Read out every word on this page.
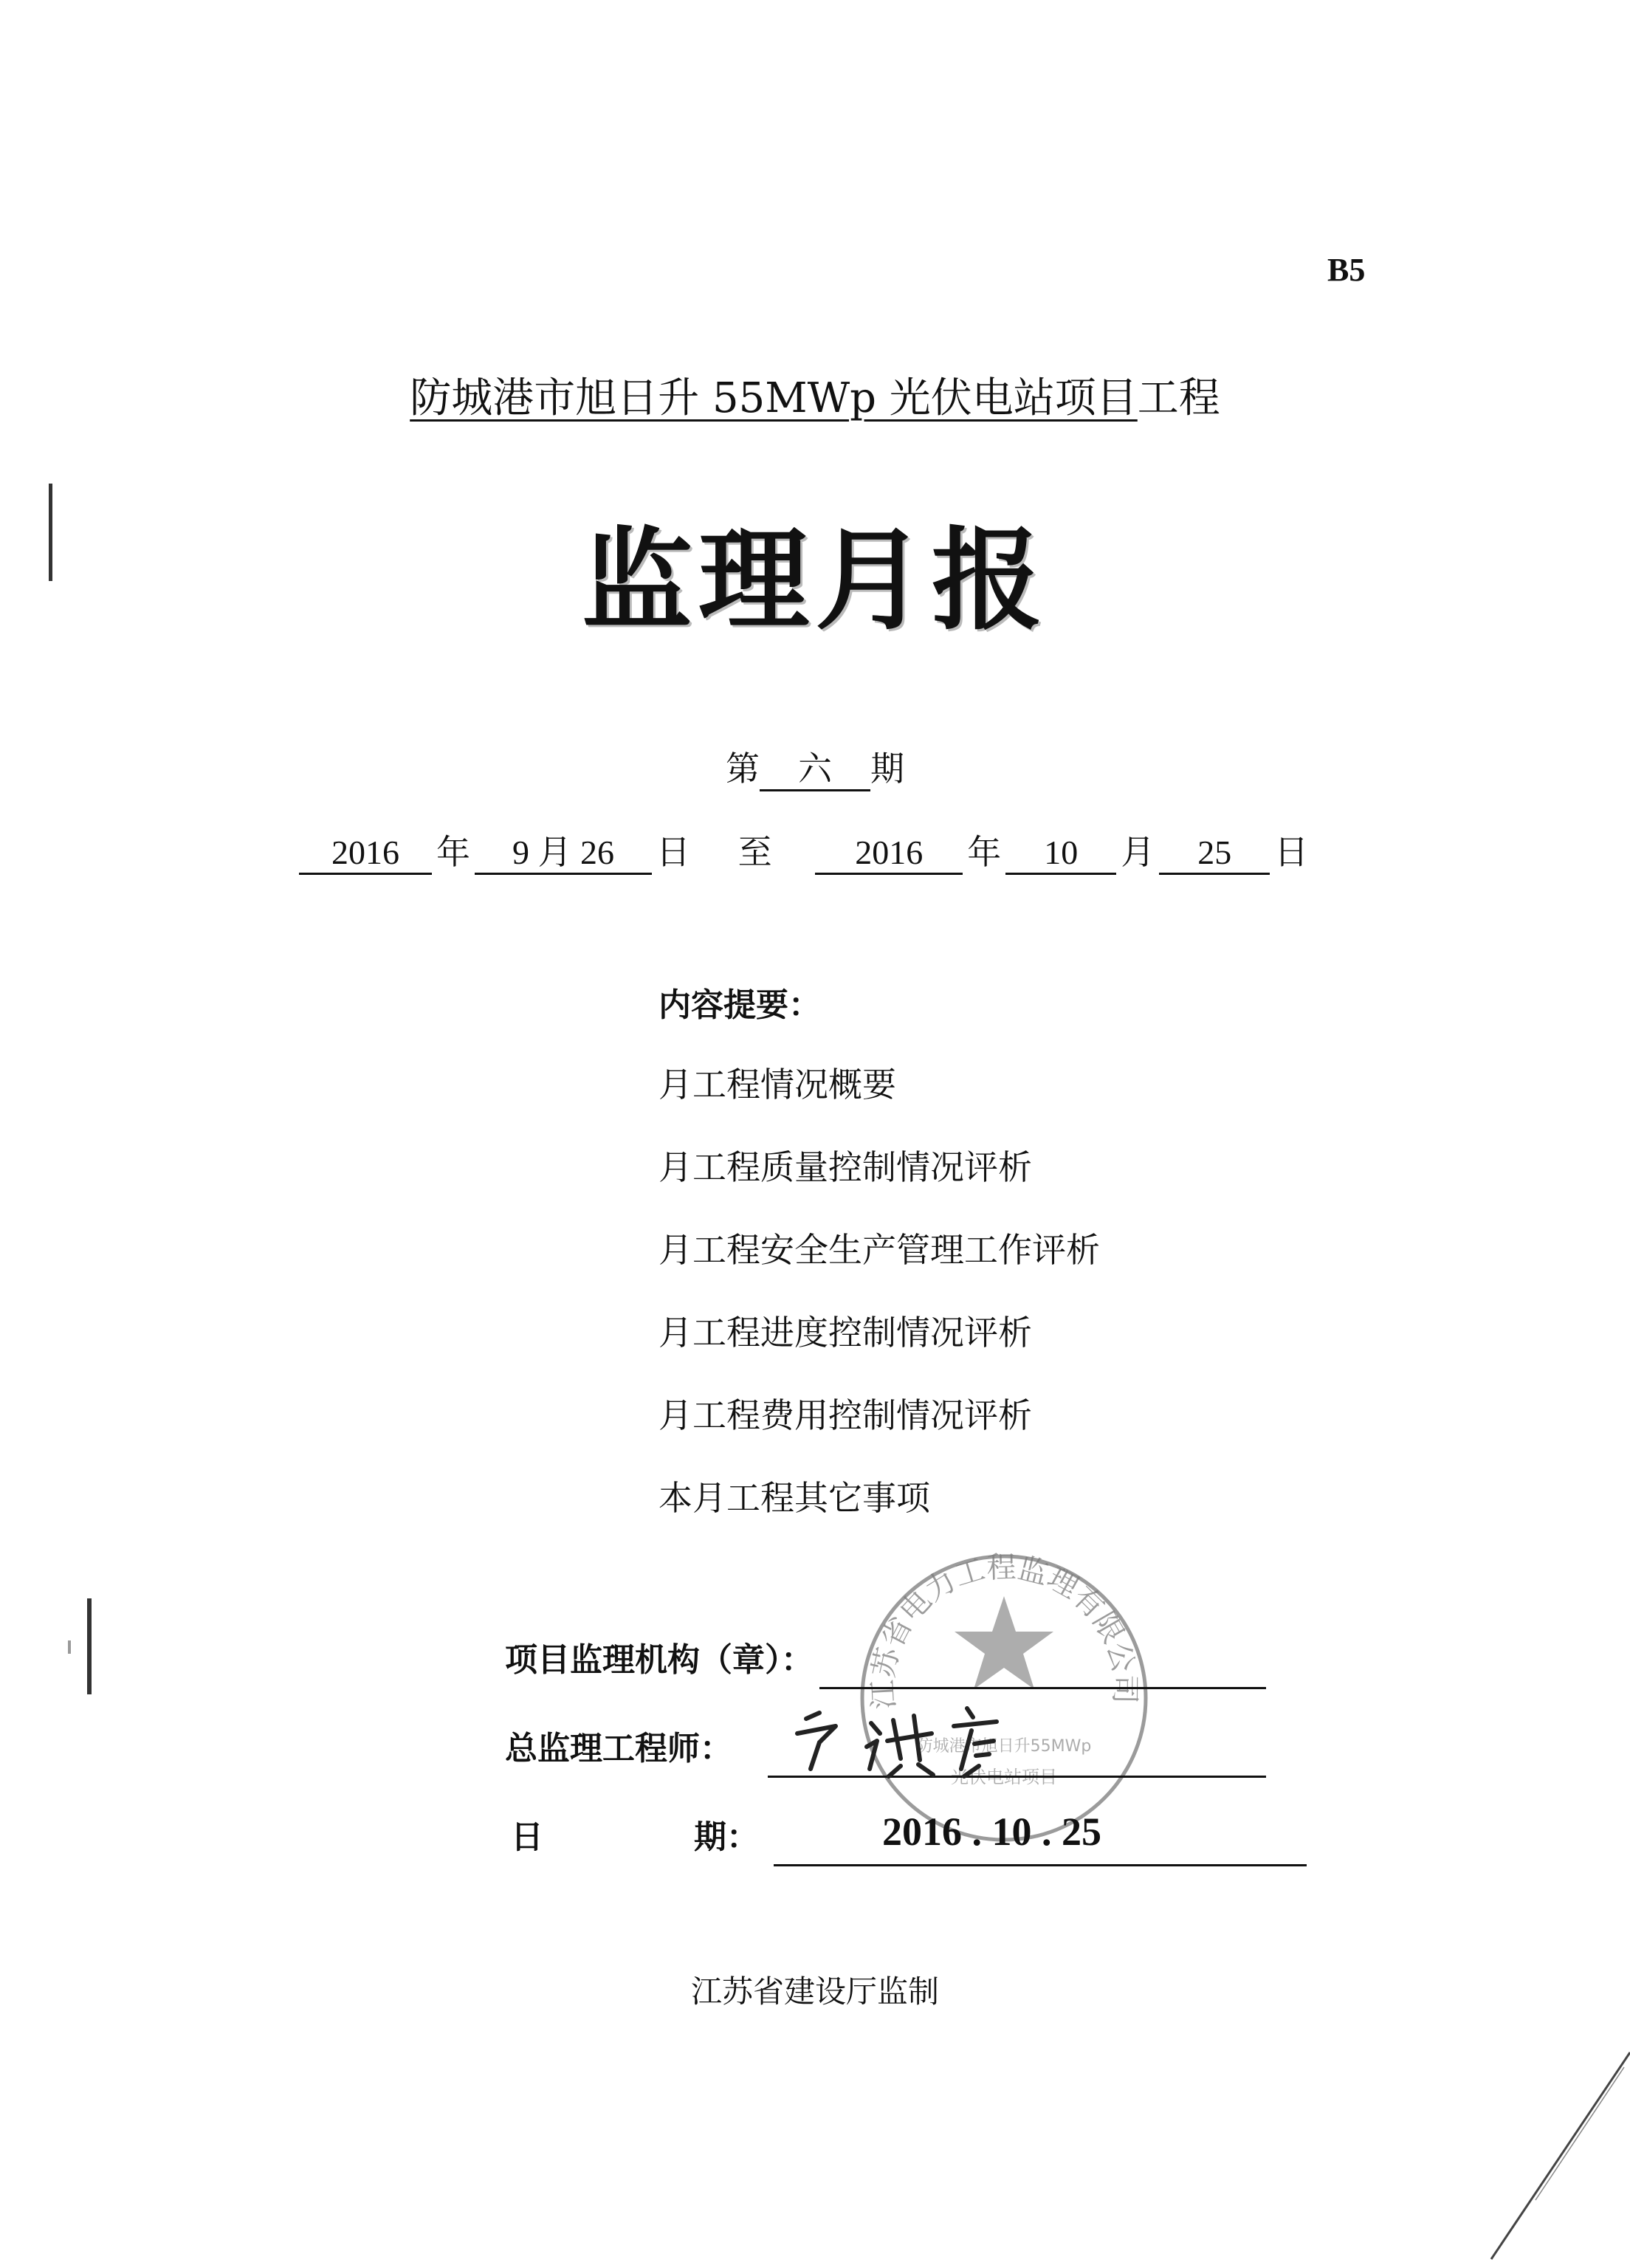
B5
防城港市旭日升 55MWp 光伏电站项目工程
监理月报
第 六 期
2016 年 9 月 26 日 至 2016 年 10 月 25 日
内容提要：
月工程情况概要
月工程质量控制情况评析
月工程安全生产管理工作评析
月工程进度控制情况评析
月工程费用控制情况评析
本月工程其它事项
江苏省电力工程监理有限公司
防城港市旭日升55MWp
光伏电站项目
项目监理机构（章）：
总监理工程师：
日	期：	2016 . 10 . 25
江苏省建设厅监制
